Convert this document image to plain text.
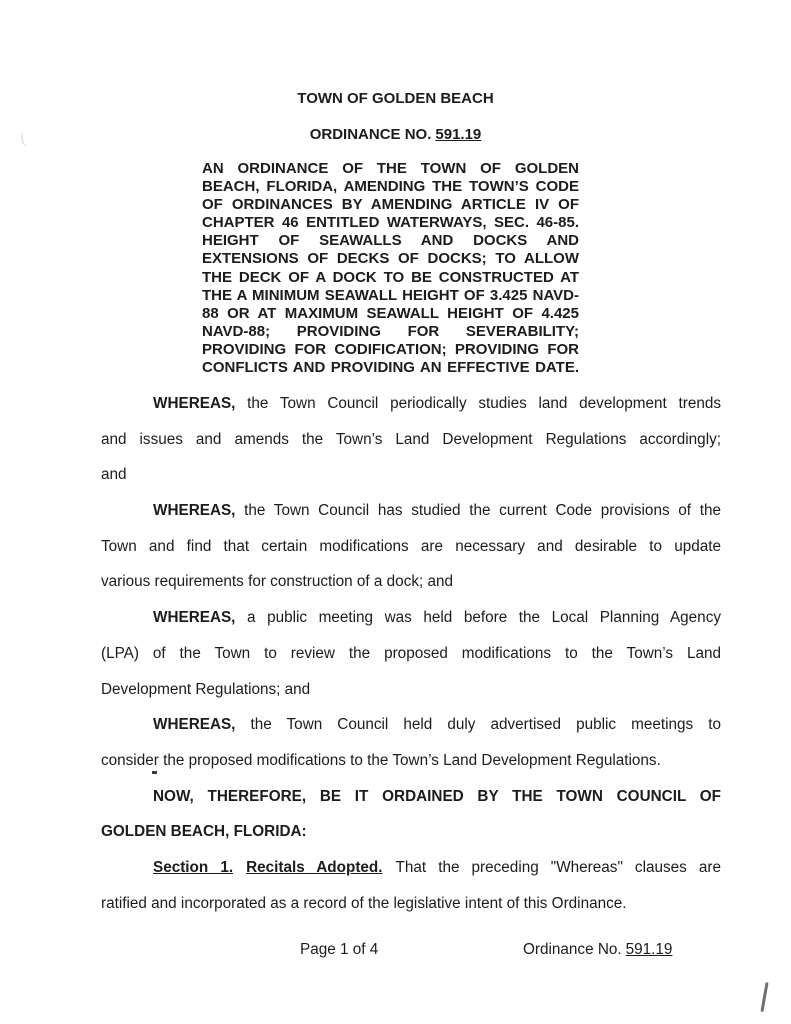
TOWN OF GOLDEN BEACH
ORDINANCE NO. 591.19
AN ORDINANCE OF THE TOWN OF GOLDEN
BEACH, FLORIDA, AMENDING THE TOWN’S CODE
OF ORDINANCES BY AMENDING ARTICLE IV OF
CHAPTER 46 ENTITLED WATERWAYS, SEC. 46-85.
HEIGHT OF SEAWALLS AND DOCKS AND
EXTENSIONS OF DECKS OF DOCKS; TO ALLOW
THE DECK OF A DOCK TO BE CONSTRUCTED AT
THE A MINIMUM SEAWALL HEIGHT OF 3.425 NAVD-
88 OR AT MAXIMUM SEAWALL HEIGHT OF 4.425
NAVD-88; PROVIDING FOR SEVERABILITY;
PROVIDING FOR CODIFICATION; PROVIDING FOR
CONFLICTS AND PROVIDING AN EFFECTIVE DATE.
WHEREAS, the Town Council periodically studies land development trends
and issues and amends the Town’s Land Development Regulations accordingly;
and
WHEREAS, the Town Council has studied the current Code provisions of the
Town and find that certain modifications are necessary and desirable to update
various requirements for construction of a dock; and
WHEREAS, a public meeting was held before the Local Planning Agency
(LPA) of the Town to review the proposed modifications to the Town’s Land
Development Regulations; and
WHEREAS, the Town Council held duly advertised public meetings to
consider the proposed modifications to the Town’s Land Development Regulations.
NOW, THEREFORE, BE IT ORDAINED BY THE TOWN COUNCIL OF
GOLDEN BEACH, FLORIDA:
Section 1. Recitals Adopted. That the preceding "Whereas" clauses are
ratified and incorporated as a record of the legislative intent of this Ordinance.
Page 1 of 4	Ordinance No. 591.19
